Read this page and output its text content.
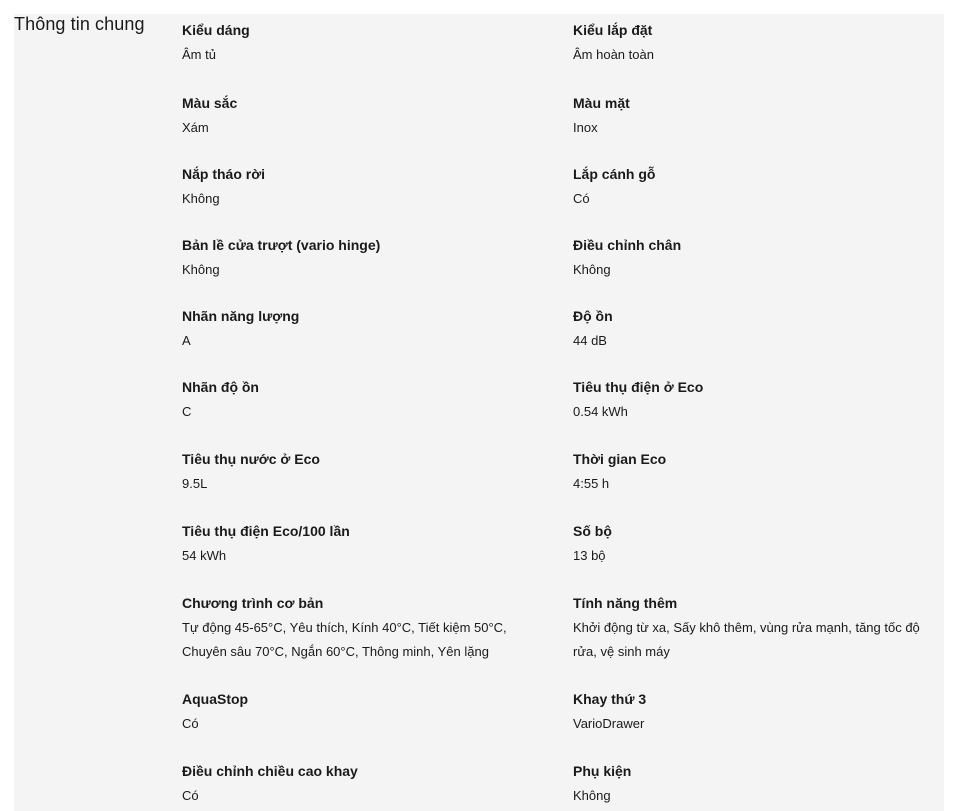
Thông tin chung	Kiểu dáng
Âm tủ
Kiểu lắp đặt
Âm hoàn toàn
Màu sắc
Xám
Màu mặt
Inox
Nắp tháo rời
Không
Lắp cánh gỗ
Có
Bản lề cửa trượt (vario hinge)
Không
Điều chỉnh chân
Không
Nhãn năng lượng
A
Độ ồn
44 dB
Nhãn độ ồn
C
Tiêu thụ điện ở Eco
0.54 kWh
Tiêu thụ nước ở Eco
9.5L
Thời gian Eco
4:55 h
Tiêu thụ điện Eco/100 lần
54 kWh
Số bộ
13 bộ
Chương trình cơ bản
Tự động 45-65°C, Yêu thích, Kính 40°C, Tiết kiệm 50°C,
Chuyên sâu 70°C, Ngắn 60°C, Thông minh, Yên lặng
Tính năng thêm
Khởi động từ xa, Sấy khô thêm, vùng rửa mạnh, tăng tốc độ
rửa, vệ sinh máy
AquaStop
Có
Khay thứ 3
VarioDrawer
Điều chỉnh chiều cao khay
Có
Phụ kiện
Không
